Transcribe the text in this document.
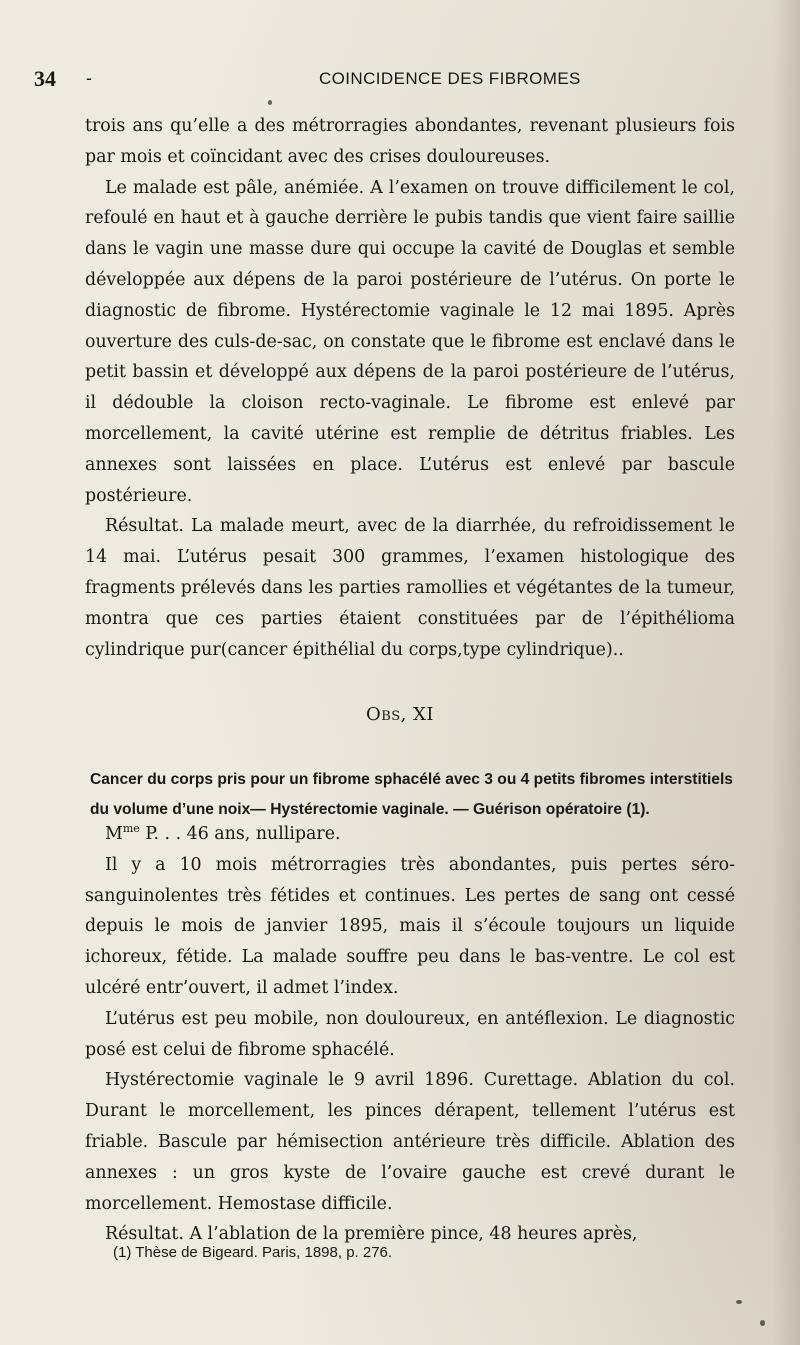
34 -	COINCIDENCE DES FIBROMES

trois ans qu’elle a des métrorragies abondantes, revenant plusieurs fois par mois et coïncidant avec des crises douloureuses.

Le malade est pâle, anémiée. A l’examen on trouve difficilement le col, refoulé en haut et à gauche derrière le pubis tandis que vient faire saillie dans le vagin une masse dure qui occupe la cavité de Douglas et semble développée aux dépens de la paroi postérieure de l’utérus. On porte le diagnostic de fibrome. Hystérectomie vaginale le 12 mai 1895. Après ouverture des culs-de-sac, on constate que le fibrome est enclavé dans le petit bassin et développé aux dépens de la paroi postérieure de l’utérus, il dédouble la cloison recto-vaginale. Le fibrome est enlevé par morcellement, la cavité utérine est remplie de détritus friables. Les annexes sont laissées en place. L’utérus est enlevé par bascule postérieure.

Résultat. La malade meurt, avec de la diarrhée, du refroidissement le 14 mai. L’utérus pesait 300 grammes, l’examen histologique des fragments prélevés dans les parties ramollies et végétantes de la tumeur, montra que ces parties étaient constituées par de l’épithélioma cylindrique pur(cancer épithélial du corps,type cylindrique)..

Obs, XI

Cancer du corps pris pour un fibrome sphacélé avec 3 ou 4 petits fibromes interstitiels

du volume d’une noix— Hystérectomie vaginale. — Guérison opératoire (1).

$M^{me}$ P. . . 46 ans, nullipare.

Il y a 10 mois métrorragies très abondantes, puis pertes séro-sanguinolentes très fétides et continues. Les pertes de sang ont cessé depuis le mois de janvier 1895, mais il s’écoule toujours un liquide ichoreux, fétide. La malade souffre peu dans le bas-ventre. Le col est ulcéré entr’ouvert, il admet l’index.

L’utérus est peu mobile, non douloureux, en antéflexion. Le diagnostic posé est celui de fibrome sphacélé.

Hystérectomie vaginale le 9 avril 1896. Curettage. Ablation du col. Durant le morcellement, les pinces dérapent, tellement l’utérus est friable. Bascule par hémisection antérieure très difficile. Ablation des annexes : un gros kyste de l’ovaire gauche est crevé durant le morcellement. Hemostase difficile.

Résultat. A l’ablation de la première pince, 48 heures après,

(1) Thèse de Bigeard. Paris, 1898, p. 276.
